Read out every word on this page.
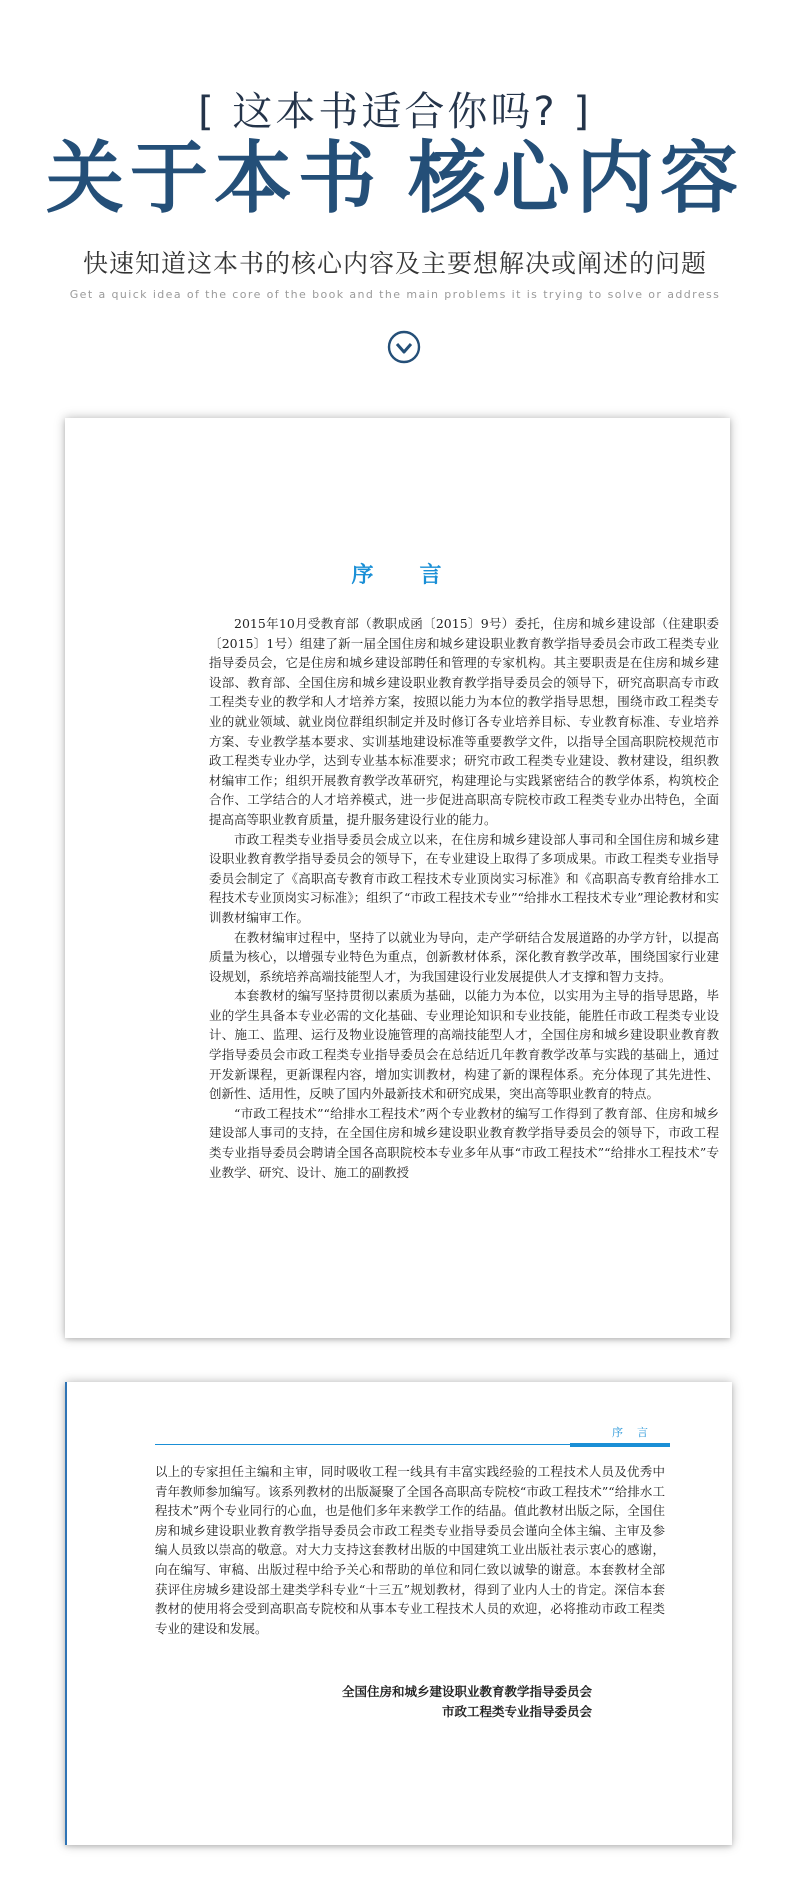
[ 这本书适合你吗? ]
关于本书 核心内容
快速知道这本书的核心内容及主要想解决或阐述的问题
Get a quick idea of the core of the book and the main problems it is trying to solve or address
序 言

2015年10月受教育部（教职成函〔2015〕9号）委托，住房和城乡建设部（住建职委〔2015〕1号）组建了新一届全国住房和城乡建设职业教育教学指导委员会市政工程类专业指导委员会，它是住房和城乡建设部聘任和管理的专家机构。其主要职责是在住房和城乡建设部、教育部、全国住房和城乡建设职业教育教学指导委员会的领导下，研究高职高专市政工程类专业的教学和人才培养方案，按照以能力为本位的教学指导思想，围绕市政工程类专业的就业领域、就业岗位群组织制定并及时修订各专业培养目标、专业教育标准、专业培养方案、专业教学基本要求、实训基地建设标准等重要教学文件，以指导全国高职院校规范市政工程类专业办学，达到专业基本标准要求；研究市政工程类专业建设、教材建设，组织教材编审工作；组织开展教育教学改革研究，构建理论与实践紧密结合的教学体系，构筑校企合作、工学结合的人才培养模式，进一步促进高职高专院校市政工程类专业办出特色，全面提高高等职业教育质量，提升服务建设行业的能力。

市政工程类专业指导委员会成立以来，在住房和城乡建设部人事司和全国住房和城乡建设职业教育教学指导委员会的领导下，在专业建设上取得了多项成果。市政工程类专业指导委员会制定了《高职高专教育市政工程技术专业顶岗实习标准》和《高职高专教育给排水工程技术专业顶岗实习标准》；组织了“市政工程技术专业”“给排水工程技术专业”理论教材和实训教材编审工作。

在教材编审过程中，坚持了以就业为导向，走产学研结合发展道路的办学方针，以提高质量为核心，以增强专业特色为重点，创新教材体系，深化教育教学改革，围绕国家行业建设规划，系统培养高端技能型人才，为我国建设行业发展提供人才支撑和智力支持。

本套教材的编写坚持贯彻以素质为基础，以能力为本位，以实用为主导的指导思路，毕业的学生具备本专业必需的文化基础、专业理论知识和专业技能，能胜任市政工程类专业设计、施工、监理、运行及物业设施管理的高端技能型人才，全国住房和城乡建设职业教育教学指导委员会市政工程类专业指导委员会在总结近几年教育教学改革与实践的基础上，通过开发新课程，更新课程内容，增加实训教材，构建了新的课程体系。充分体现了其先进性、创新性、适用性，反映了国内外最新技术和研究成果，突出高等职业教育的特点。

“市政工程技术”“给排水工程技术”两个专业教材的编写工作得到了教育部、住房和城乡建设部人事司的支持，在全国住房和城乡建设职业教育教学指导委员会的领导下，市政工程类专业指导委员会聘请全国各高职院校本专业多年从事“市政工程技术”“给排水工程技术”专业教学、研究、设计、施工的副教授

序言

以上的专家担任主编和主审，同时吸收工程一线具有丰富实践经验的工程技术人员及优秀中青年教师参加编写。该系列教材的出版凝聚了全国各高职高专院校“市政工程技术”“给排水工程技术”两个专业同行的心血，也是他们多年来教学工作的结晶。值此教材出版之际，全国住房和城乡建设职业教育教学指导委员会市政工程类专业指导委员会谨向全体主编、主审及参编人员致以崇高的敬意。对大力支持这套教材出版的中国建筑工业出版社表示衷心的感谢，向在编写、审稿、出版过程中给予关心和帮助的单位和同仁致以诚挚的谢意。本套教材全部获评住房城乡建设部土建类学科专业“十三五”规划教材，得到了业内人士的肯定。深信本套教材的使用将会受到高职高专院校和从事本专业工程技术人员的欢迎，必将推动市政工程类专业的建设和发展。

全国住房和城乡建设职业教育教学指导委员会
市政工程类专业指导委员会
